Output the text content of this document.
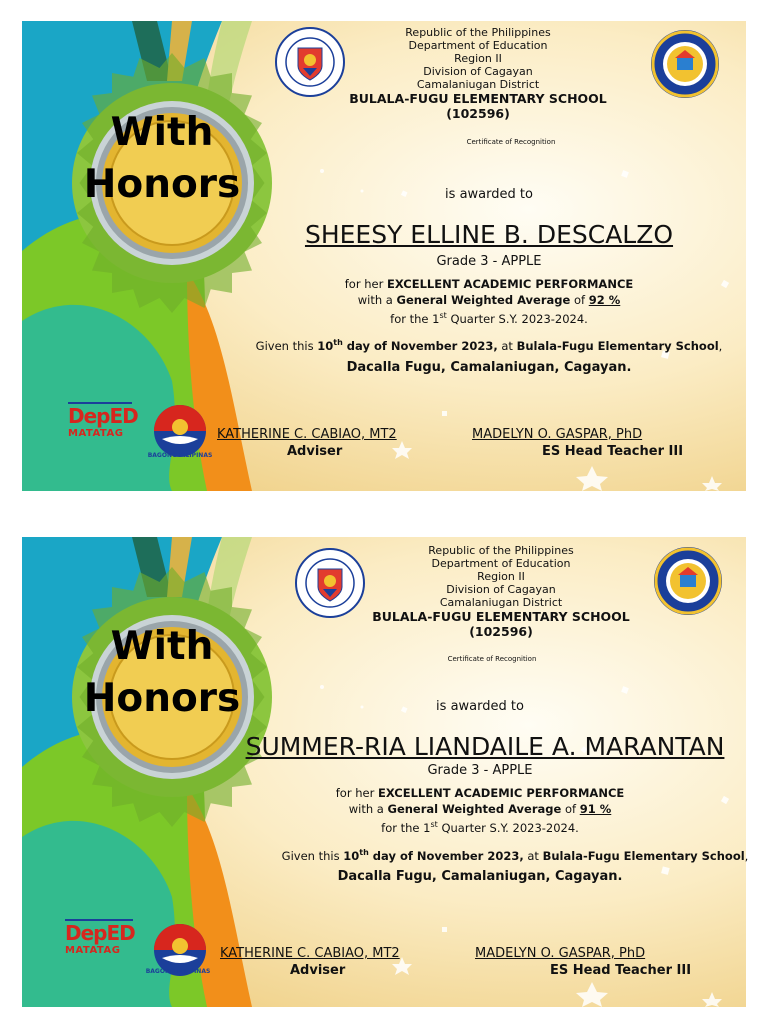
With
Honors
Republic of the Philippines
Department of Education
Region II
Division of Cagayan
Camalaniugan District
BULALA-FUGU ELEMENTARY SCHOOL
(102596)
Certificate of Recognition
is awarded to
SHEESY ELLINE B. DESCALZO
Grade 3 - APPLE
for her EXCELLENT ACADEMIC PERFORMANCE
with a General Weighted Average of 92 %
for the 1st Quarter S.Y. 2023-2024.
Given this 10th day of November 2023, at Bulala-Fugu Elementary School,
Dacalla Fugu, Camalaniugan, Cagayan.
DepED
MATATAG
BAGONG PILIPINAS
KATHERINE C. CABIAO, MT2
Adviser
MADELYN O. GASPAR, PhD
ES Head Teacher III
With
Honors
Republic of the Philippines
Department of Education
Region II
Division of Cagayan
Camalaniugan District
BULALA-FUGU ELEMENTARY SCHOOL
(102596)
Certificate of Recognition
is awarded to
SUMMER-RIA LIANDAILE A. MARANTAN
Grade 3 - APPLE
for her EXCELLENT ACADEMIC PERFORMANCE
with a General Weighted Average of 91 %
for the 1st Quarter S.Y. 2023-2024.
Given this 10th day of November 2023, at Bulala-Fugu Elementary School,
Dacalla Fugu, Camalaniugan, Cagayan.
DepED
MATATAG
BAGONG PILIPINAS
KATHERINE C. CABIAO, MT2
Adviser
MADELYN O. GASPAR, PhD
ES Head Teacher III
